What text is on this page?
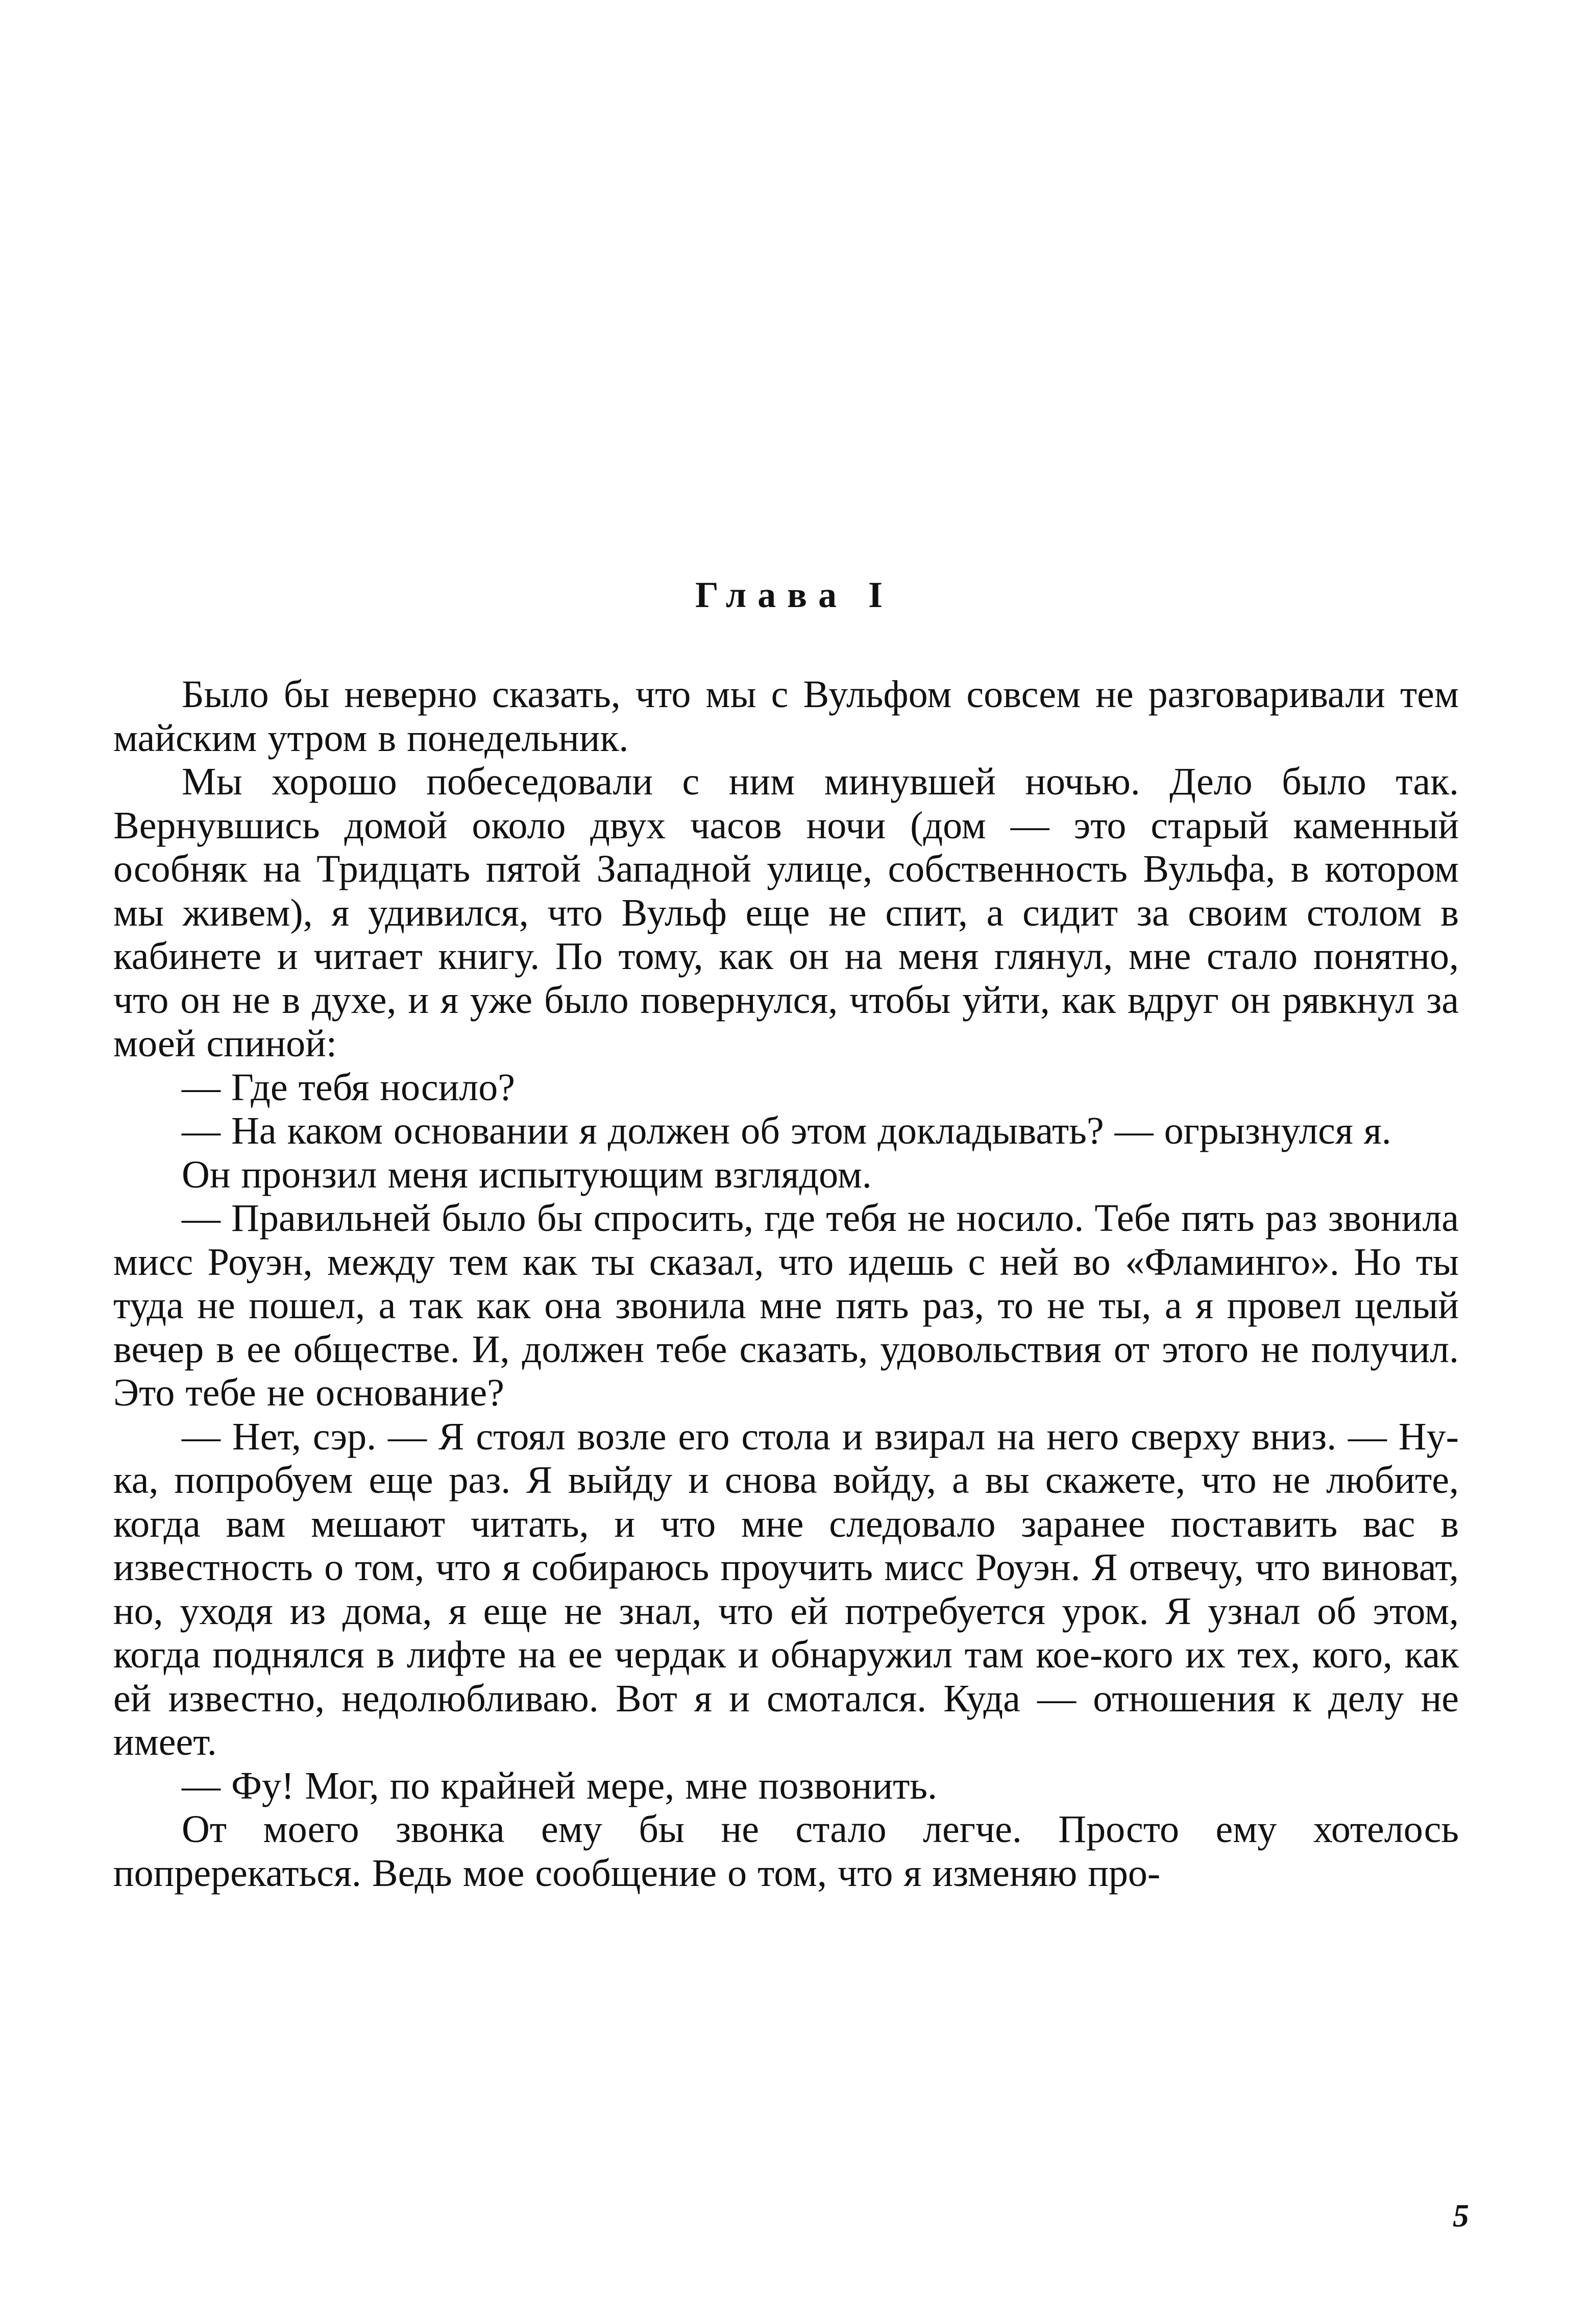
Глава I

Было бы неверно сказать, что мы с Вульфом совсем не разговаривали тем майским утром в понедельник.

Мы хорошо побеседовали с ним минувшей ночью. Дело было так. Вернувшись домой около двух часов ночи (дом — это старый каменный особняк на Тридцать пятой Западной улице, собственность Вульфа, в котором мы живем), я удивился, что Вульф еще не спит, а сидит за своим столом в кабинете и читает книгу. По тому, как он на меня глянул, мне стало понятно, что он не в духе, и я уже было повернулся, чтобы уйти, как вдруг он рявкнул за моей спиной:

— Где тебя носило?

— На каком основании я должен об этом докладывать? — огрызнулся я.

Он пронзил меня испытующим взглядом.

— Правильней было бы спросить, где тебя не носило. Тебе пять раз звонила мисс Роуэн, между тем как ты сказал, что идешь с ней во «Фламинго». Но ты туда не пошел, а так как она звонила мне пять раз, то не ты, а я провел целый вечер в ее обществе. И, должен тебе сказать, удовольствия от этого не получил. Это тебе не основание?

— Нет, сэр. — Я стоял возле его стола и взирал на него сверху вниз. — Ну-ка, попробуем еще раз. Я выйду и снова войду, а вы скажете, что не любите, когда вам мешают читать, и что мне следовало заранее поставить вас в известность о том, что я собираюсь проучить мисс Роуэн. Я отвечу, что виноват, но, уходя из дома, я еще не знал, что ей потребуется урок. Я узнал об этом, когда поднялся в лифте на ее чердак и обнаружил там кое-кого их тех, кого, как ей известно, недолюбливаю. Вот я и смотался. Куда — отношения к делу не имеет.

— Фу! Мог, по крайней мере, мне позвонить.

От моего звонка ему бы не стало легче. Просто ему хотелось попререкаться. Ведь мое сообщение о том, что я изменяю про-

5
